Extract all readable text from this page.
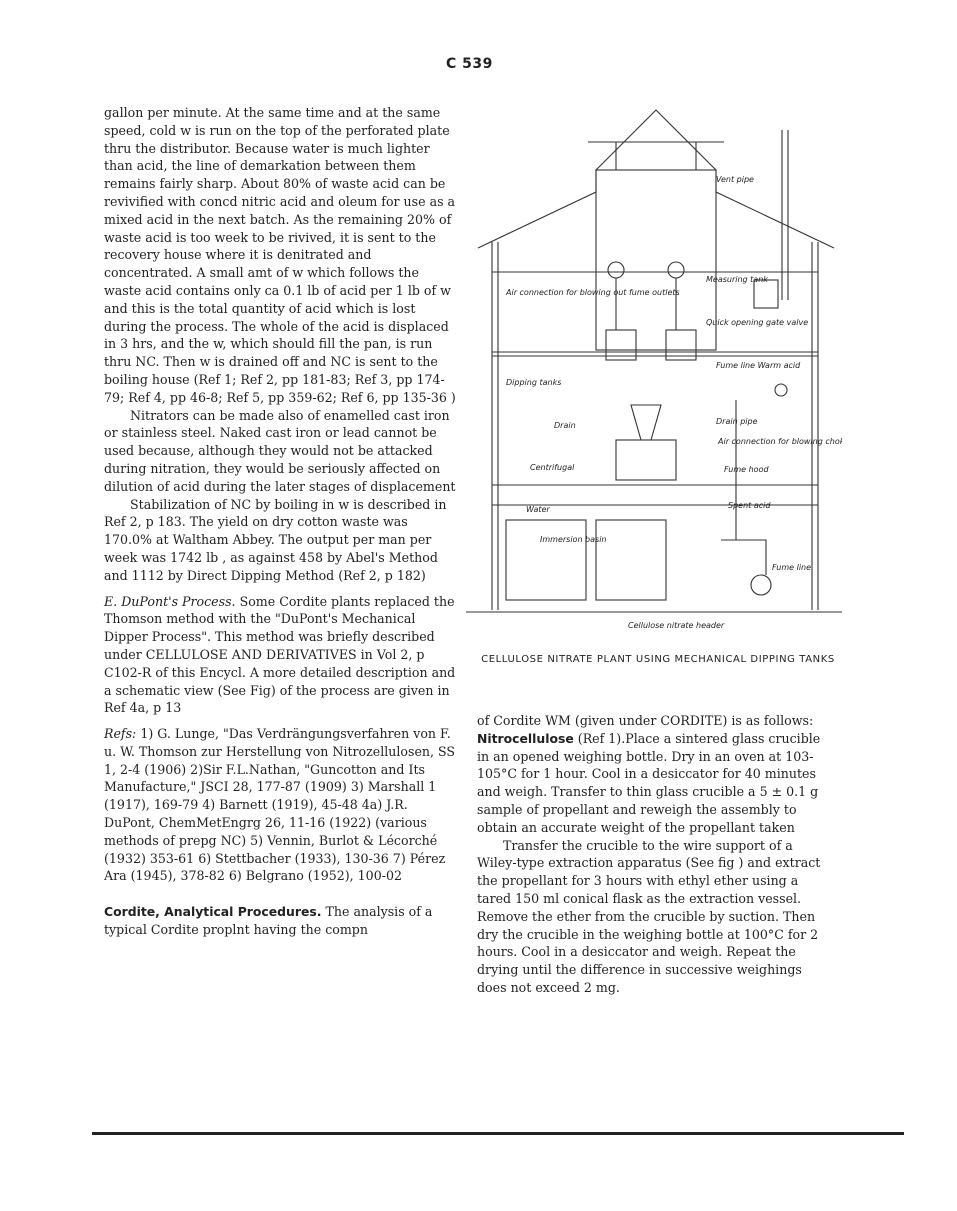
C 539

gallon per minute. At the same time and at the same speed, cold w is run on the top of the perforated plate thru the distributor. Because water is much lighter than acid, the line of demarkation between them remains fairly sharp. About 80% of waste acid can be revivified with concd nitric acid and oleum for use as a mixed acid in the next batch. As the remaining 20% of waste acid is too week to be rivived, it is sent to the recovery house where it is denitrated and concentrated. A small amt of w which follows the waste acid contains only ca 0.1 lb of acid per 1 lb of w and this is the total quantity of acid which is lost during the process. The whole of the acid is displaced in 3 hrs, and the w, which should fill the pan, is run thru NC. Then w is drained off and NC is sent to the boiling house (Ref 1; Ref 2, pp 181-83; Ref 3, pp 174-79; Ref 4, pp 46-8; Ref 5, pp 359-62; Ref 6, pp 135-36 )

Nitrators can be made also of enamelled cast iron or stainless steel. Naked cast iron or lead cannot be used because, although they would not be attacked during nitration, they would be seriously affected on dilution of acid during the later stages of displacement

Stabilization of NC by boiling in w is described in Ref 2, p 183. The yield on dry cotton waste was 170.0% at Waltham Abbey. The output per man per week was 1742 lb , as against 458 by Abel's Method and 1112 by Direct Dipping Method (Ref 2, p 182)

E. DuPont's Process. Some Cordite plants replaced the Thomson method with the "DuPont's Mechanical Dipper Process". This method was briefly described under CELLULOSE AND DERIVATIVES in Vol 2, p C102-R of this Encycl. A more detailed description and a schematic view (See Fig) of the process are given in Ref 4a, p 13

Refs: 1) G. Lunge, "Das Verdrängungsverfahren von F. u. W. Thomson zur Herstellung von Nitrozellulosen, SS 1, 2-4 (1906) 2)Sir F.L.Nathan, "Guncotton and Its Manufacture," JSCI 28, 177-87 (1909) 3) Marshall 1 (1917), 169-79 4) Barnett (1919), 45-48 4a) J.R. DuPont, ChemMetEngrg 26, 11-16 (1922) (various methods of prepg NC) 5) Vennin, Burlot & Lécorché (1932) 353-61 6) Stettbacher (1933), 130-36 7) Pérez Ara (1945), 378-82 6) Belgrano (1952), 100-02

Cordite, Analytical Procedures. The analysis of a typical Cordite proplnt having the compn

Vent pipe
Air connection for blowing out fume outlets
Measuring tank
Quick opening gate valve
Fume line Warm acid
Dipping tanks
Drain	Drain pipe
Air connection for blowing chokes
Centrifugal	Fume hood
Water	Spent acid
Immersion basin
Fume line
Cellulose nitrate header
CELLULOSE NITRATE PLANT USING MECHANICAL DIPPING TANKS

of Cordite WM (given under CORDITE) is as follows:

Nitrocellulose (Ref 1).Place a sintered glass crucible in an opened weighing bottle. Dry in an oven at 103-105°C for 1 hour. Cool in a desiccator for 40 minutes and weigh. Transfer to thin glass crucible a 5 ± 0.1 g sample of propellant and reweigh the assembly to obtain an accurate weight of the propellant taken

Transfer the crucible to the wire support of a Wiley-type extraction apparatus (See fig ) and extract the propellant for 3 hours with ethyl ether using a tared 150 ml conical flask as the extraction vessel. Remove the ether from the crucible by suction. Then dry the crucible in the weighing bottle at 100°C for 2 hours. Cool in a desiccator and weigh. Repeat the drying until the difference in successive weighings does not exceed 2 mg.
